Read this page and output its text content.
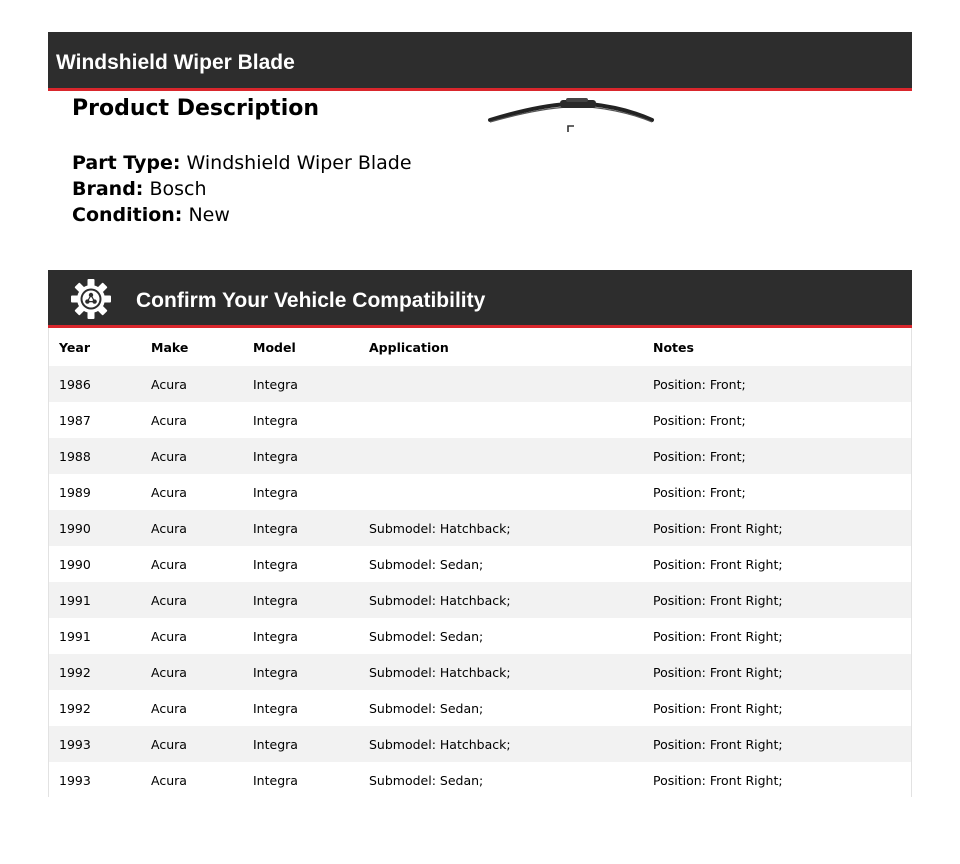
Windshield Wiper Blade
Product Description
Part Type: Windshield Wiper Blade
Brand: Bosch
Condition: New
Confirm Your Vehicle Compatibility
Year	Make	Model	Application	Notes
1986	Acura	Integra		Position: Front;
1987	Acura	Integra		Position: Front;
1988	Acura	Integra		Position: Front;
1989	Acura	Integra		Position: Front;
1990	Acura	Integra	Submodel: Hatchback;	Position: Front Right;
1990	Acura	Integra	Submodel: Sedan;	Position: Front Right;
1991	Acura	Integra	Submodel: Hatchback;	Position: Front Right;
1991	Acura	Integra	Submodel: Sedan;	Position: Front Right;
1992	Acura	Integra	Submodel: Hatchback;	Position: Front Right;
1992	Acura	Integra	Submodel: Sedan;	Position: Front Right;
1993	Acura	Integra	Submodel: Hatchback;	Position: Front Right;
1993	Acura	Integra	Submodel: Sedan;	Position: Front Right;
